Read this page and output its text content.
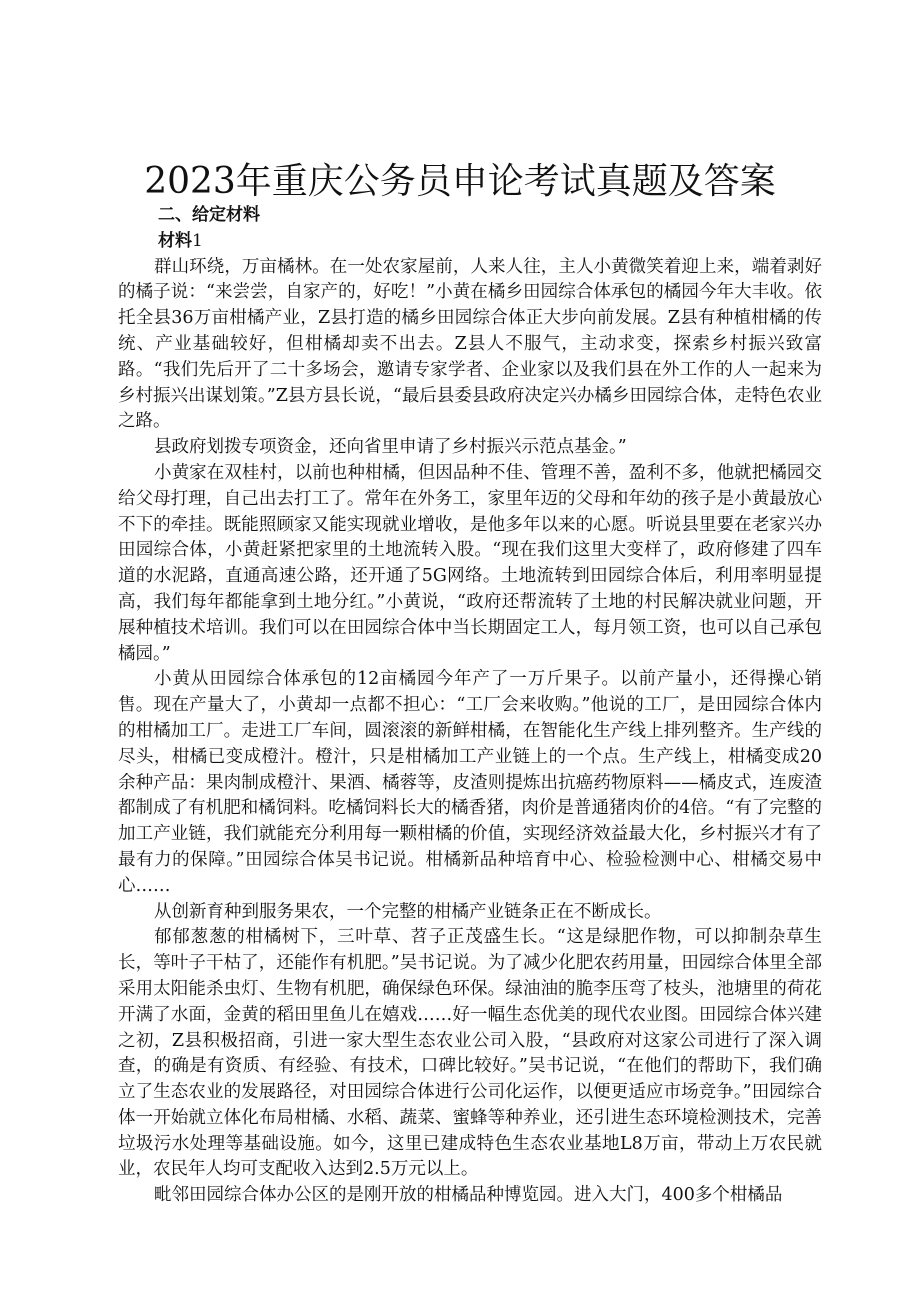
2023年重庆公务员申论考试真题及答案
二、给定材料
材料1

群山环绕，万亩橘林。在一处农家屋前，人来人往，主人小黄微笑着迎上来，端着剥好的橘子说：“来尝尝，自家产的，好吃！”小黄在橘乡田园综合体承包的橘园今年大丰收。依托全县36万亩柑橘产业，Z县打造的橘乡田园综合体正大步向前发展。Z县有种植柑橘的传统、产业基础较好，但柑橘却卖不出去。Z县人不服气，主动求变，探索乡村振兴致富路。“我们先后开了二十多场会，邀请专家学者、企业家以及我们县在外工作的人一起来为乡村振兴出谋划策。”Z县方县长说，“最后县委县政府决定兴办橘乡田园综合体，走特色农业之路。

县政府划拨专项资金，还向省里申请了乡村振兴示范点基金。”

小黄家在双桂村，以前也种柑橘，但因品种不佳、管理不善，盈利不多，他就把橘园交给父母打理，自己出去打工了。常年在外务工，家里年迈的父母和年幼的孩子是小黄最放心不下的牵挂。既能照顾家又能实现就业增收，是他多年以来的心愿。听说县里要在老家兴办田园综合体，小黄赶紧把家里的土地流转入股。“现在我们这里大变样了，政府修建了四车道的水泥路，直通高速公路，还开通了5G网络。土地流转到田园综合体后，利用率明显提高，我们每年都能拿到土地分红。”小黄说，“政府还帮流转了土地的村民解决就业问题，开展种植技术培训。我们可以在田园综合体中当长期固定工人，每月领工资，也可以自己承包橘园。”

小黄从田园综合体承包的12亩橘园今年产了一万斤果子。以前产量小，还得操心销售。现在产量大了，小黄却一点都不担心：“工厂会来收购。”他说的工厂，是田园综合体内的柑橘加工厂。走进工厂车间，圆滚滚的新鲜柑橘，在智能化生产线上排列整齐。生产线的尽头，柑橘已变成橙汁。橙汁，只是柑橘加工产业链上的一个点。生产线上，柑橘变成20余种产品：果肉制成橙汁、果酒、橘蓉等，皮渣则提炼出抗癌药物原料——橘皮式，连废渣都制成了有机肥和橘饲料。吃橘饲料长大的橘香猪，肉价是普通猪肉价的4倍。“有了完整的加工产业链，我们就能充分利用每一颗柑橘的价值，实现经济效益最大化，乡村振兴才有了最有力的保障。”田园综合体吴书记说。柑橘新品种培育中心、检验检测中心、柑橘交易中心……

从创新育种到服务果农，一个完整的柑橘产业链条正在不断成长。

郁郁葱葱的柑橘树下，三叶草、苕子正茂盛生长。“这是绿肥作物，可以抑制杂草生长，等叶子干枯了，还能作有机肥。”吴书记说。为了减少化肥农药用量，田园综合体里全部采用太阳能杀虫灯、生物有机肥，确保绿色环保。绿油油的脆李压弯了枝头，池塘里的荷花开满了水面，金黄的稻田里鱼儿在嬉戏……好一幅生态优美的现代农业图。田园综合体兴建之初，Z县积极招商，引进一家大型生态农业公司入股，“县政府对这家公司进行了深入调查，的确是有资质、有经验、有技术，口碑比较好。”吴书记说，“在他们的帮助下，我们确立了生态农业的发展路径，对田园综合体进行公司化运作，以便更适应市场竞争。”田园综合体一开始就立体化布局柑橘、水稻、蔬菜、蜜蜂等种养业，还引进生态环境检测技术，完善垃圾污水处理等基础设施。如今，这里已建成特色生态农业基地L8万亩，带动上万农民就业，农民年人均可支配收入达到2.5万元以上。

毗邻田园综合体办公区的是刚开放的柑橘品种博览园。进入大门，400多个柑橘品
